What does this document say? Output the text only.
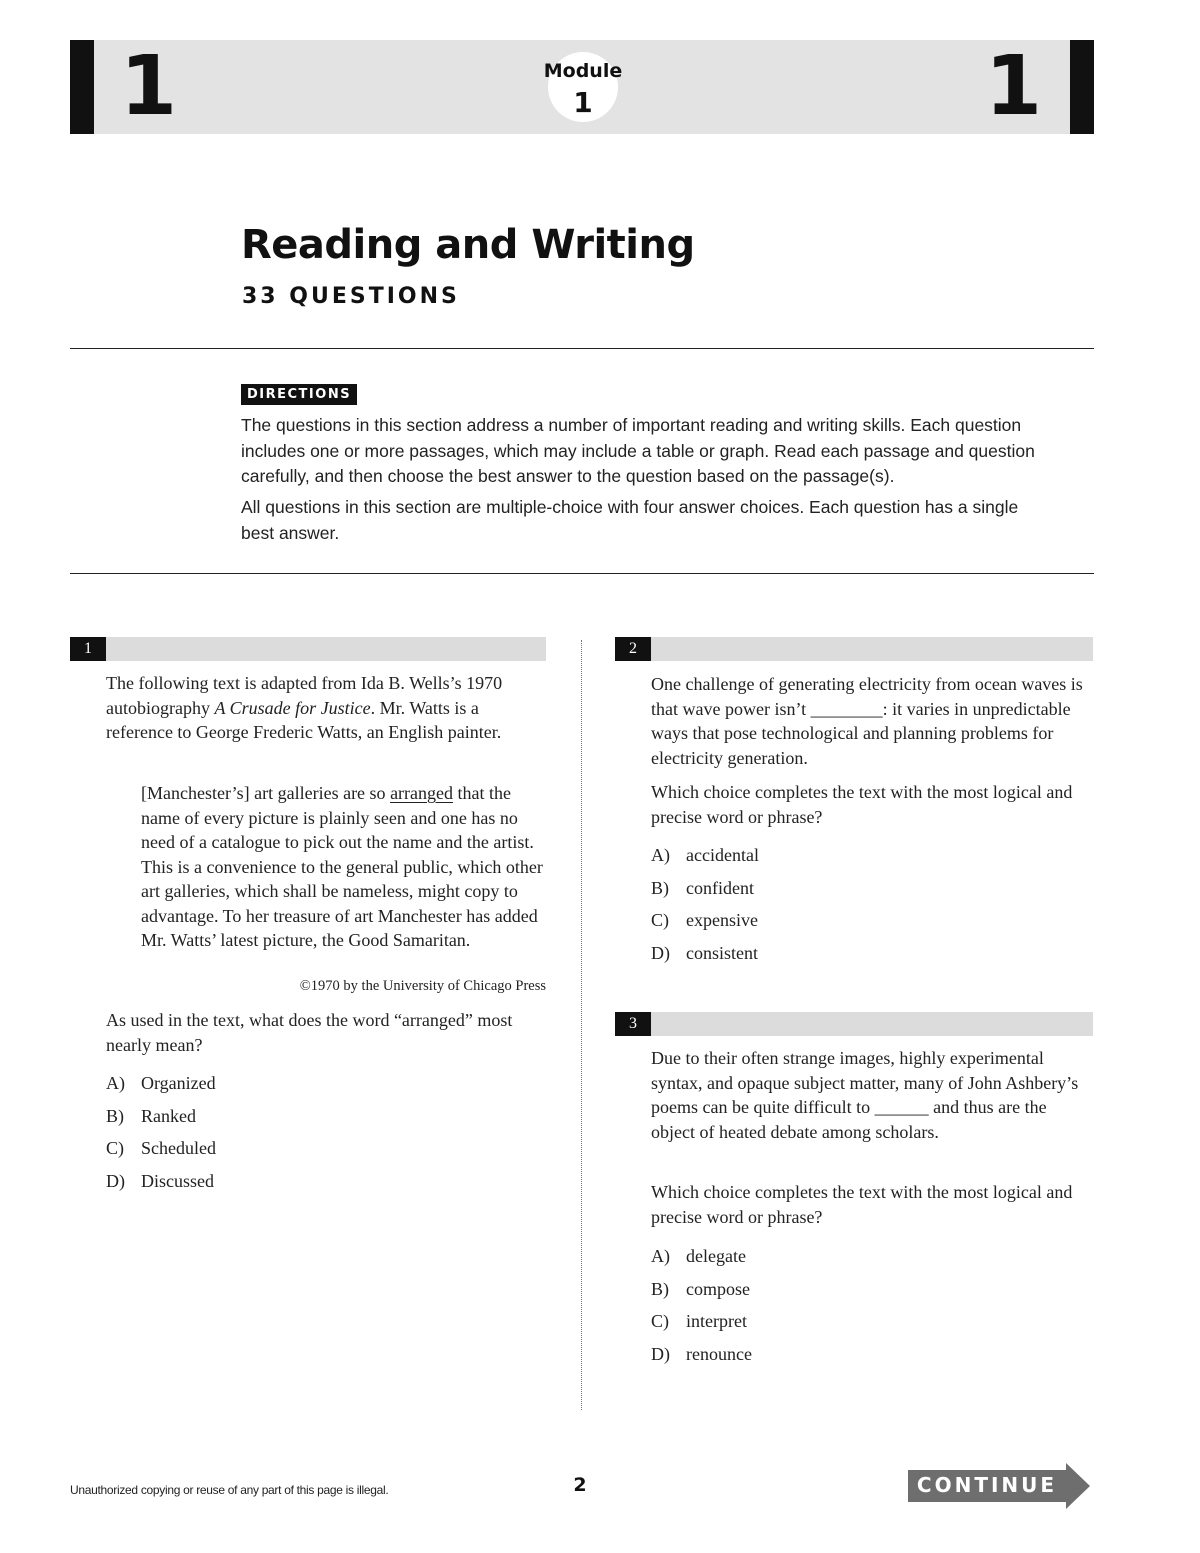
1	Module
1	1
Reading and Writing
33 QUESTIONS
DIRECTIONS

The questions in this section address a number of important reading and writing skills. Each question includes one or more passages, which may include a table or graph. Read each passage and question carefully, and then choose the best answer to the question based on the passage(s).

All questions in this section are multiple-choice with four answer choices. Each question has a single best answer.

1

The following text is adapted from Ida B. Wells’s 1970 autobiography A Crusade for Justice. Mr. Watts is a reference to George Frederic Watts, an English painter.

[Manchester’s] art galleries are so arranged that the name of every picture is plainly seen and one has no need of a catalogue to pick out the name and the artist. This is a convenience to the general public, which other art galleries, which shall be nameless, might copy to advantage. To her treasure of art Manchester has added Mr. Watts’ latest picture, the Good Samaritan.

©1970 by the University of Chicago Press

As used in the text, what does the word “arranged” most nearly mean?

A) Organized
B) Ranked
C) Scheduled
D) Discussed
2

One challenge of generating electricity from ocean waves is that wave power isn’t ________: it varies in unpredictable ways that pose technological and planning problems for electricity generation.

Which choice completes the text with the most logical and precise word or phrase?

A) accidental
B) confident
C) expensive
D) consistent
3

Due to their often strange images, highly experimental syntax, and opaque subject matter, many of John Ashbery’s poems can be quite difficult to ______ and thus are the object of heated debate among scholars.

Which choice completes the text with the most logical and precise word or phrase?

A) delegate
B) compose
C) interpret
D) renounce
Unauthorized copying or reuse of any part of this page is illegal.	2	CONTINUE
